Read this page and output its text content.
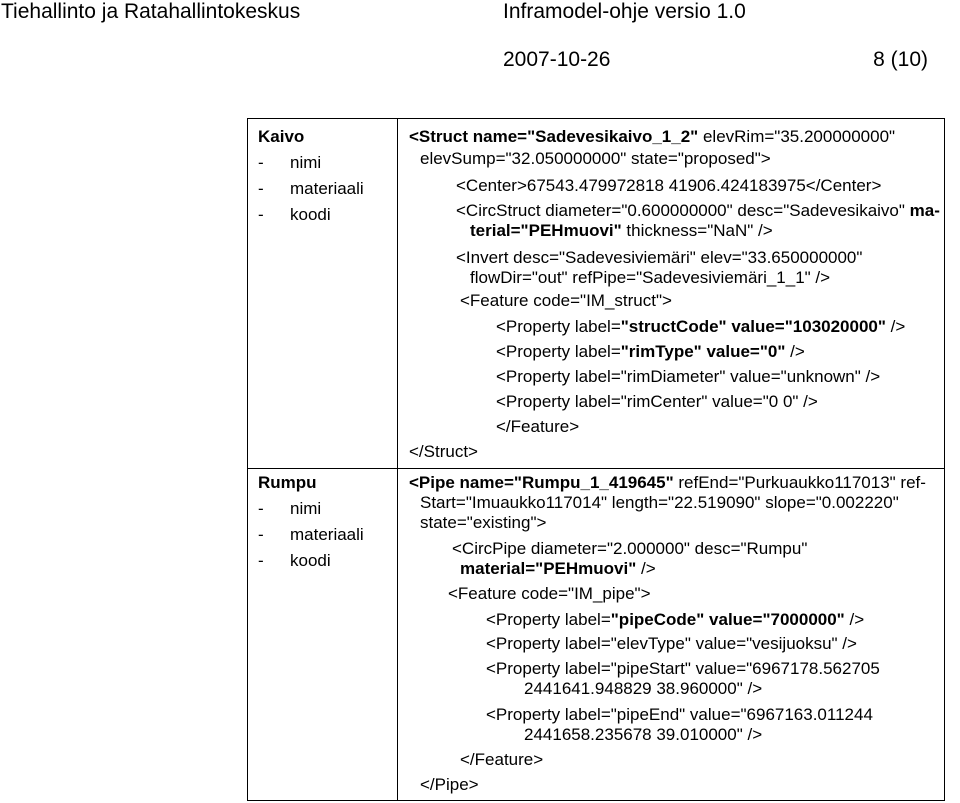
Tiehallinto ja Ratahallintokeskus	Inframodel-ohje versio 1.0
2007-10-26	8 (10)
Kaivo
- nimi
- materiaali
- koodi
<Struct name="Sadevesikaivo_1_2" elevRim="35.200000000"
elevSump="32.050000000" state="proposed">
<Center>67543.479972818 41906.424183975</Center>
<CircStruct diameter="0.600000000" desc="Sadevesikaivo" ma-
terial="PEHmuovi" thickness="NaN" />
<Invert desc="Sadevesiviemäri" elev="33.650000000"
flowDir="out" refPipe="Sadevesiviemäri_1_1" />
<Feature code="IM_struct">
<Property label="structCode" value="103020000" />
<Property label="rimType" value="0" />
<Property label="rimDiameter" value="unknown" />
<Property label="rimCenter" value="0 0" />
</Feature>
</Struct>
Rumpu
- nimi
- materiaali
- koodi
<Pipe name="Rumpu_1_419645" refEnd="Purkuaukko117013" ref-
Start="Imuaukko117014" length="22.519090" slope="0.002220"
state="existing">
<CircPipe diameter="2.000000" desc="Rumpu"
material="PEHmuovi" />
<Feature code="IM_pipe">
<Property label="pipeCode" value="7000000" />
<Property label="elevType" value="vesijuoksu" />
<Property label="pipeStart" value="6967178.562705
2441641.948829 38.960000" />
<Property label="pipeEnd" value="6967163.011244
2441658.235678 39.010000" />
</Feature>
</Pipe>
